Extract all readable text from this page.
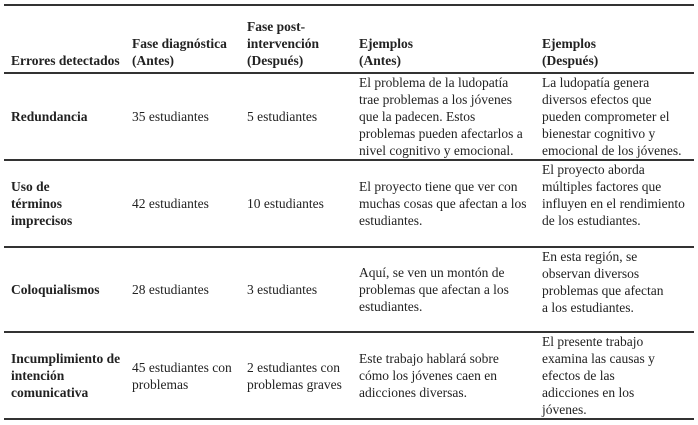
Errores detectados	Fase diagnóstica (Antes)	Fase post-intervención (Después)	Ejemplos (Antes)	Ejemplos (Después)
Redundancia	35 estudiantes	5 estudiantes	El problema de la ludopatía trae problemas a los jóvenes que la padecen. Estos problemas pueden afectarlos a nivel cognitivo y emocional.	La ludopatía genera diversos efectos que pueden comprometer el bienestar cognitivo y emocional de los jóvenes.
Uso de términos imprecisos	42 estudiantes	10 estudiantes	El proyecto tiene que ver con muchas cosas que afectan a los estudiantes.	El proyecto aborda múltiples factores que influyen en el rendimiento de los estudiantes.
Coloquialismos	28 estudiantes	3 estudiantes	Aquí, se ven un montón de problemas que afectan a los estudiantes.	En esta región, se observan diversos problemas que afectan a los estudiantes.
Incumplimiento de intención comunicativa	45 estudiantes con problemas	2 estudiantes con problemas graves	Este trabajo hablará sobre cómo los jóvenes caen en adicciones diversas.	El presente trabajo examina las causas y efectos de las adicciones en los jóvenes.
